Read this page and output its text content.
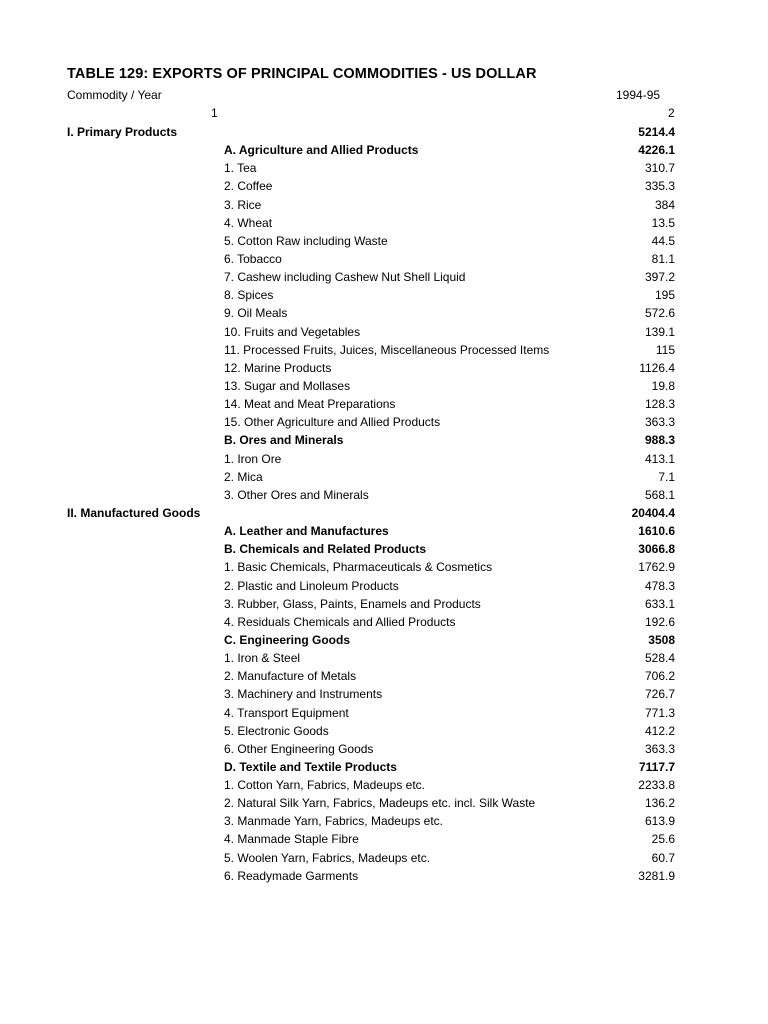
TABLE 129: EXPORTS OF PRINCIPAL COMMODITIES - US DOLLAR
Commodity / Year	1994-95
1	2
I. Primary Products	5214.4
A. Agriculture and Allied Products	4226.1
1. Tea	310.7
2. Coffee	335.3
3. Rice	384
4. Wheat	13.5
5. Cotton Raw including Waste	44.5
6. Tobacco	81.1
7. Cashew including Cashew Nut Shell Liquid	397.2
8. Spices	195
9. Oil Meals	572.6
10. Fruits and Vegetables	139.1
11. Processed Fruits, Juices, Miscellaneous Processed Items	115
12. Marine Products	1126.4
13. Sugar and Mollases	19.8
14. Meat and Meat Preparations	128.3
15. Other Agriculture and Allied Products	363.3
B. Ores and Minerals	988.3
1. Iron Ore	413.1
2. Mica	7.1
3. Other Ores and Minerals	568.1
II. Manufactured Goods	20404.4
A. Leather and Manufactures	1610.6
B. Chemicals and Related Products	3066.8
1. Basic Chemicals, Pharmaceuticals & Cosmetics	1762.9
2. Plastic and Linoleum Products	478.3
3. Rubber, Glass, Paints, Enamels and Products	633.1
4. Residuals Chemicals and Allied Products	192.6
C. Engineering Goods	3508
1. Iron & Steel	528.4
2. Manufacture of Metals	706.2
3. Machinery and Instruments	726.7
4. Transport Equipment	771.3
5. Electronic Goods	412.2
6. Other Engineering Goods	363.3
D. Textile and Textile Products	7117.7
1. Cotton Yarn, Fabrics, Madeups etc.	2233.8
2. Natural Silk Yarn, Fabrics, Madeups etc. incl. Silk Waste	136.2
3. Manmade Yarn, Fabrics, Madeups etc.	613.9
4. Manmade Staple Fibre	25.6
5. Woolen Yarn, Fabrics, Madeups etc.	60.7
6. Readymade Garments	3281.9
